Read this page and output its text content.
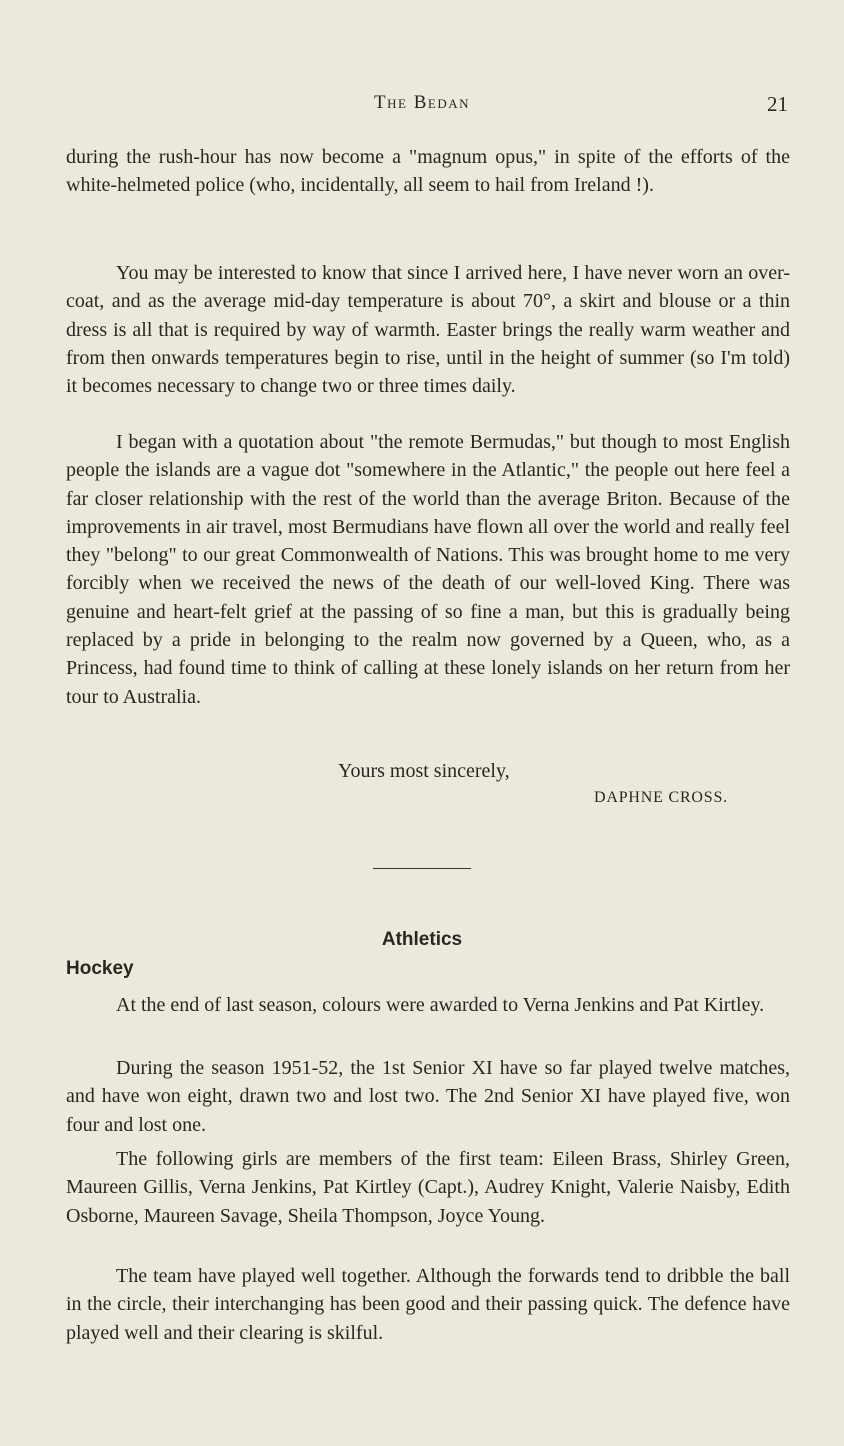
The Bedan	21

during the rush-hour has now become a "magnum opus," in spite of the efforts of the white-helmeted police (who, incidentally, all seem to hail from Ireland !).

You may be interested to know that since I arrived here, I have never worn an over-coat, and as the average mid-day temperature is about 70°, a skirt and blouse or a thin dress is all that is required by way of warmth. Easter brings the really warm weather and from then onwards temperatures begin to rise, until in the height of summer (so I'm told) it becomes necessary to change two or three times daily.

I began with a quotation about "the remote Bermudas," but though to most English people the islands are a vague dot "somewhere in the Atlantic," the people out here feel a far closer relationship with the rest of the world than the average Briton. Because of the improvements in air travel, most Bermudians have flown all over the world and really feel they "belong" to our great Commonwealth of Nations. This was brought home to me very forcibly when we received the news of the death of our well-loved King. There was genuine and heart-felt grief at the passing of so fine a man, but this is gradually being replaced by a pride in belonging to the realm now governed by a Queen, who, as a Princess, had found time to think of calling at these lonely islands on her return from her tour to Australia.

Yours most sincerely,
DAPHNE CROSS.
Athletics
Hockey

At the end of last season, colours were awarded to Verna Jenkins and Pat Kirtley.

During the season 1951-52, the 1st Senior XI have so far played twelve matches, and have won eight, drawn two and lost two. The 2nd Senior XI have played five, won four and lost one.

The following girls are members of the first team: Eileen Brass, Shirley Green, Maureen Gillis, Verna Jenkins, Pat Kirtley (Capt.), Audrey Knight, Valerie Naisby, Edith Osborne, Maureen Savage, Sheila Thompson, Joyce Young.

The team have played well together. Although the forwards tend to dribble the ball in the circle, their interchanging has been good and their passing quick. The defence have played well and their clearing is skilful.
